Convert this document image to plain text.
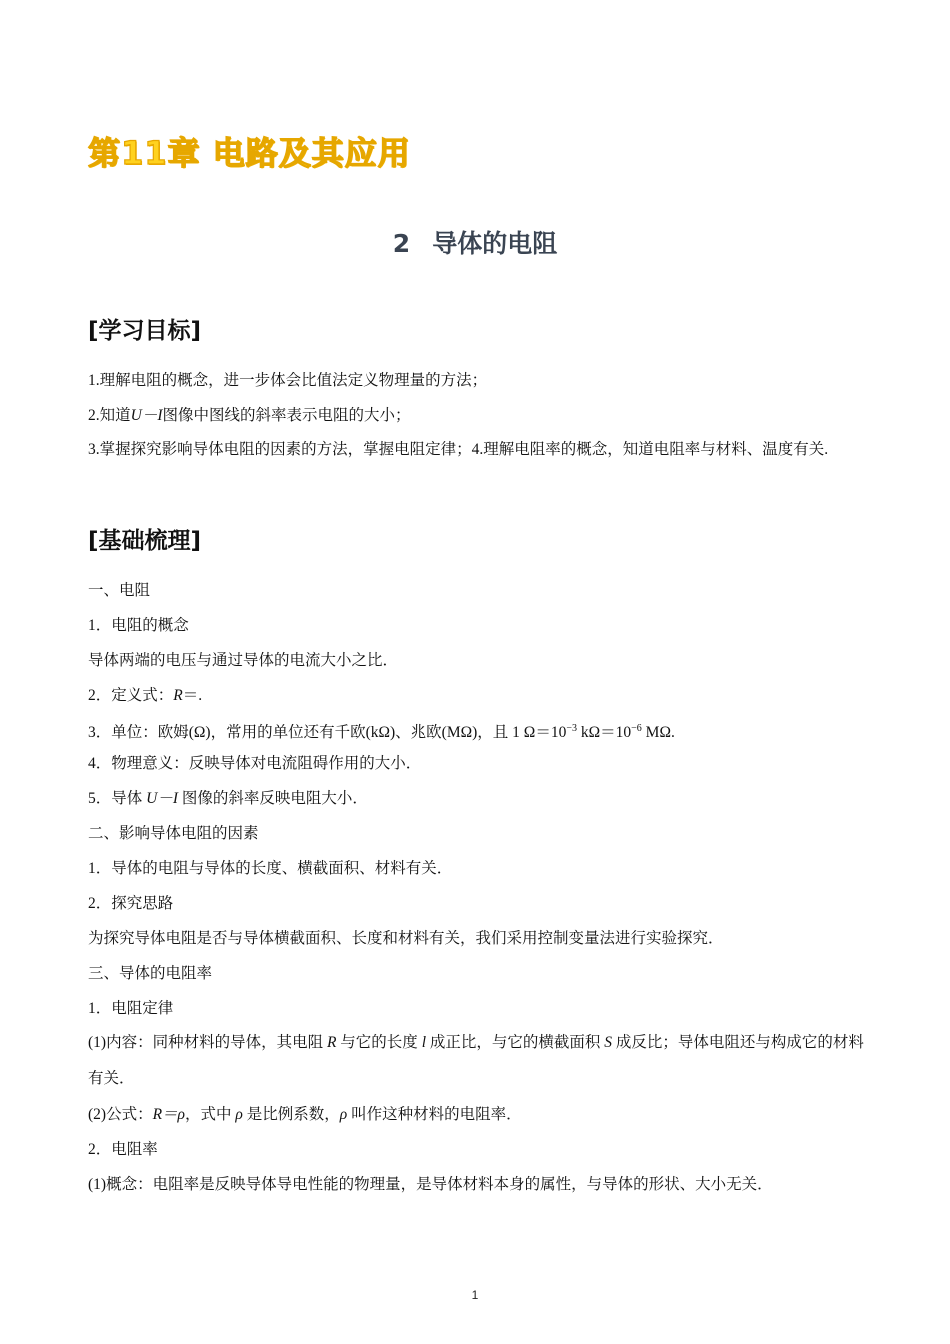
第11章 电路及其应用
2 导体的电阻
[学习目标]
1.理解电阻的概念，进一步体会比值法定义物理量的方法；
2.知道U－I图像中图线的斜率表示电阻的大小；
3.掌握探究影响导体电阻的因素的方法，掌握电阻定律；4.理解电阻率的概念，知道电阻率与材料、温度有关.
[基础梳理]
一、电阻
1．电阻的概念
导体两端的电压与通过导体的电流大小之比．
2．定义式：R＝.
3．单位：欧姆(Ω)，常用的单位还有千欧(kΩ)、兆欧(MΩ)，且 1 $\Omega=10^{-3}$ $k\Omega=10^{-6}$ MΩ.
4．物理意义：反映导体对电流阻碍作用的大小．
5．导体 U－I 图像的斜率反映电阻大小．
二、影响导体电阻的因素
1．导体的电阻与导体的长度、横截面积、材料有关．
2．探究思路
为探究导体电阻是否与导体横截面积、长度和材料有关，我们采用控制变量法进行实验探究．
三、导体的电阻率
1．电阻定律
(1)内容：同种材料的导体，其电阻 R 与它的长度 l 成正比，与它的横截面积 S 成反比；导体电阻还与构成它的材料有关．
(2)公式：R＝ρ，式中 ρ 是比例系数，ρ 叫作这种材料的电阻率．
2．电阻率
(1)概念：电阻率是反映导体导电性能的物理量，是导体材料本身的属性，与导体的形状、大小无关．
1
